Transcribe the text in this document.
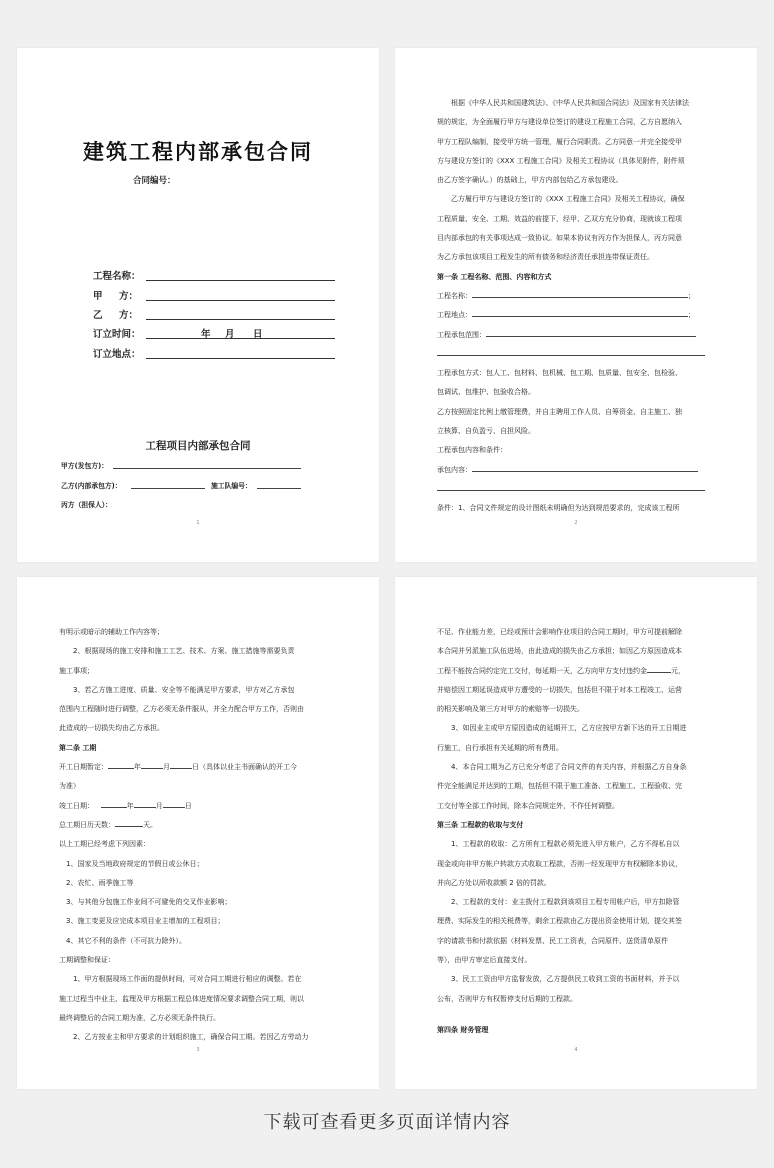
建筑工程内部承包合同
合同编号：
工程名称：
甲     方：
乙     方：
订立时间：	年 月 日
订立地点：
工程项目内部承包合同
甲方(发包方)：
乙方(内部承包方)：	施工队编号：
丙方（担保人）：
1

根据《中华人民共和国建筑法》、《中华人民共和国合同法》及国家有关法律法

规的规定，为全面履行甲方与建设单位签订的建设工程施工合同，乙方自愿纳入

甲方工程队编制，接受甲方统一管理，履行合同职责。乙方同意一并完全接受甲

方与建设方签订的《XXX 工程施工合同》及相关工程协议（具体见附件，附件须

由乙方签字确认。）的基础上，甲方内部包给乙方承包建设。

乙方履行甲方与建设方签订的《XXX 工程施工合同》及相关工程协议，确保

工程质量、安全、工期、效益的前提下，经甲、乙双方充分协商，现就该工程项

目内部承包的有关事项达成一致协议。如果本协议有丙方作为担保人，丙方同意

为乙方承包该项目工程发生的所有债务和经济责任承担连带保证责任。

第一条 工程名称、范围、内容和方式

工程名称：	；

工程地点：	；

工程承包范围：

工程承包方式：包人工、包材料、包机械、包工期、包质量、包安全、包检验、

包调试、包维护、包验收合格。

乙方按照固定比例上缴管理费，并自主聘用工作人员、自筹资金、自主施工、独

立核算、自负盈亏、自担风险。

工程承包内容和条件：

承包内容：

条件：1、合同文件规定的设计图纸未明确但为达到规范要求的，完成该工程所

2

有明示或暗示的辅助工作内容等；

2、根据现场的施工安排和施工工艺、技术、方案、施工措施等需要负责

施工事项；

3、若乙方施工进度、质量、安全等不能满足甲方要求，甲方对乙方承包

范围内工程随时进行调整，乙方必须无条件服从，并全力配合甲方工作，否则由

此造成的一切损失均由乙方承担。

第二条 工期

开工日期暂定：	年	月	日（具体以业主书面确认的开工今

为准）

竣工日期：	年	月	日

总工期日历天数：	天。

以上工期已经考虑下列因素：

1、国家及当地政府规定的节假日或公休日；

2、农忙、雨季施工等

3、与其他分包施工作业间不可避免的交叉作业影响；

3、施工变更及应完成本项目业主增加的工程项目；

4、其它不利的条件（不可抗力除外）。

工期调整和保证：

1、甲方根据现场工作面的提供时间，可对合同工期进行相应的调整。若在

施工过程当中业主、监理及甲方根据工程总体进度情况要求调整合同工期，则以

最终调整后的合同工期为准，乙方必须无条件执行。

2、乙方按业主和甲方要求的计划组织施工，确保合同工期。若因乙方劳动力

3

不足、作业能力差，已经或预计会影响作业项目的合同工期时，甲方可提前解除

本合同并另派施工队伍进场，由此造成的损失由乙方承担；如因乙方原因造成本

工程不能按合同约定完工交付，每延期一天，乙方向甲方支付违约金	元，

并赔偿因工期延误造成甲方遭受的一切损失，包括但不限于对本工程竣工、运营

的相关影响及第三方对甲方的索赔等一切损失。

3、如因业主或甲方原因造成的延期开工，乙方应按甲方新下达的开工日期进

行施工，自行承担有关延期的所有费用。

4、本合同工期为乙方已充分考虑了合同文件的有关内容，并根据乙方自身条

件完全能满足并达到的工期，包括但不限于施工准备、工程施工、工程验收、完

工交付等全部工作时间，除本合同规定外，不作任何调整。

第三条 工程款的收取与支付

1、工程款的收取：乙方所有工程款必须先进入甲方帐户，乙方不得私自以

现金或向非甲方帐户转款方式收取工程款，否则一经发现甲方有权解除本协议，

并向乙方处以所收款额 2 倍的罚款。

2、工程款的支付：业主拨付工程款到该项目工程专用帐户后，甲方扣除管

理费、实际发生的相关税费等，剩余工程款由乙方提出资金使用计划，提交其签

字的请款书和付款依据（材料发票、民工工资表，合同原件、送货清单原件

等），由甲方审定后直接支付。

3、民工工资由甲方监督发放，乙方提供民工收到工资的书面材料，并予以

公布，否则甲方有权暂停支付后期的工程款。

第四条 财务管理

4
下载可查看更多页面详情内容
